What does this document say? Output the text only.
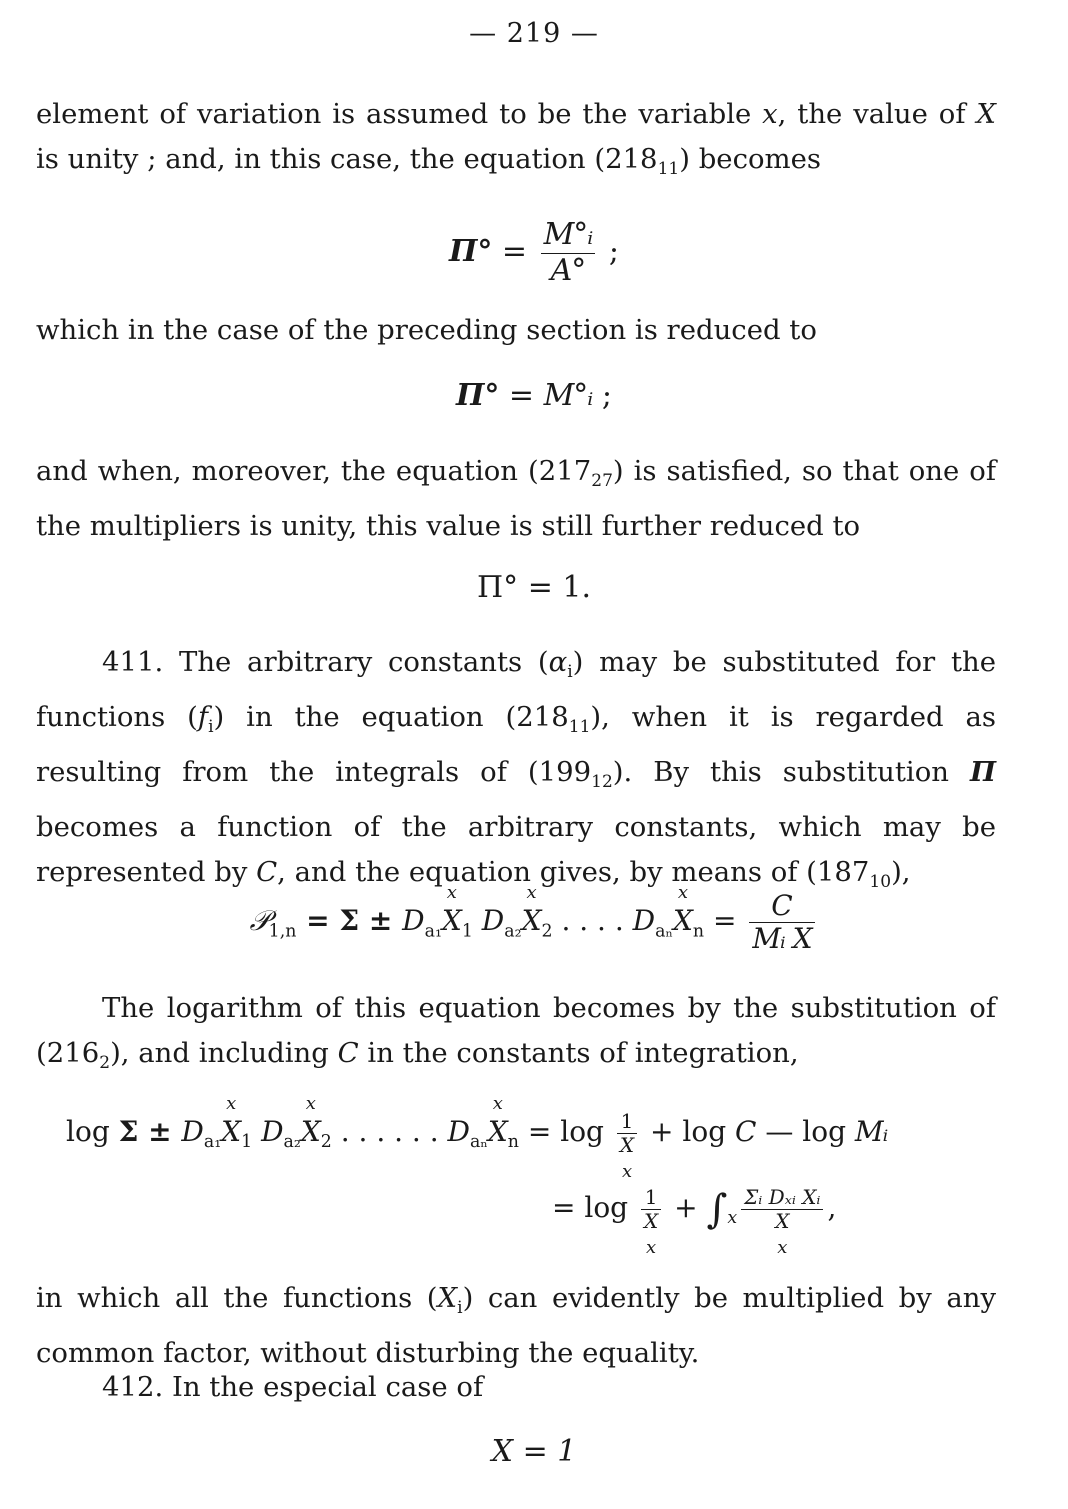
— 219 —
element of variation is assumed to be the variable x, the value of X is unity ; and, in this case, the equation $(218_{11})$ becomes
$\Pi^\circ = \frac{\text{M°ᵢ}}{A^\circ}$ ;
which in the case of the preceding section is reduced to
Π° = M°ᵢ ;
and when, moreover, the equation $(217_{27})$ is satisfied, so that one of the multipliers is unity, this value is still further reduced to
Π° = 1.
411. The arbitrary constants $(\alpha_i)$ may be substituted for the functions $(f_i)$ in the equation $(218_{11})$, when it is regarded as resulting from the integrals of $(199_{12})$. By this substitution Π becomes a function of the arbitrary constants, which may be represented by C, and the equation gives, by means of $(187_{10})$,
𝒫$_{1,n}$ = $\Sigma \pm D_{a_1}X$
x
$_1$ $D_{a_2}X$
x
$_2$ . . . . $D_{a_n}X$
x
$_n = \frac{C}{\text{Mᵢ X}}$
The logarithm of this equation becomes by the substitution of $(216_2)$, and including C in the constants of integration,
$\log \Sigma \pm D_{a_1}X$
x
$_1$ $D_{a_2}X$
x
$_2$ . . . . . . $D_{a_n}X$
x
$_n$ = log 1
X
x + log C — log Mᵢ
= log 1
X
$x + \int_x$ Σᵢ Dₓᵢ Xᵢ
X
x ,
in which all the functions $(X_i)$ can evidently be multiplied by any common factor, without disturbing the equality.
412. In the especial case of
X = 1
